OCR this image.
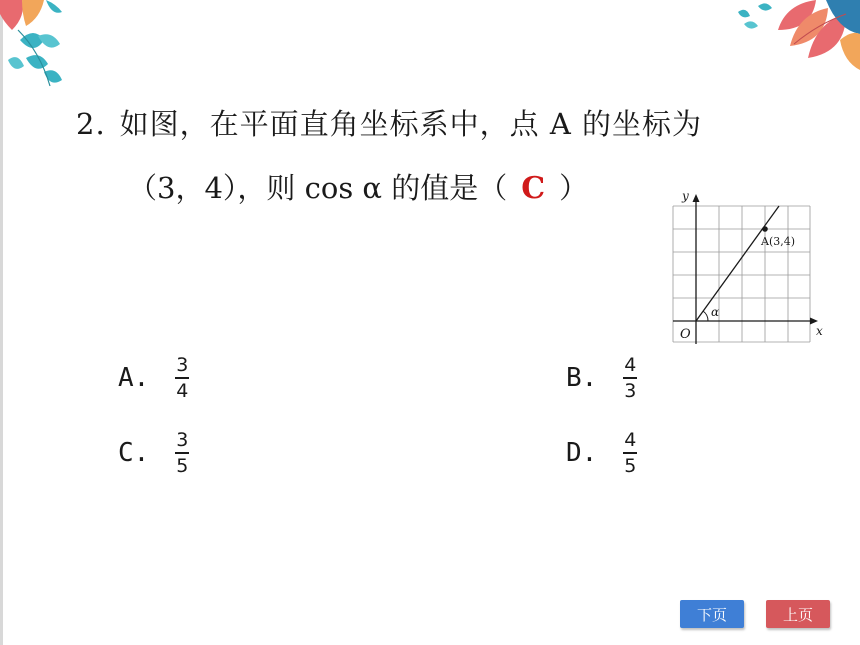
2. 如图，在平面直角坐标系中，点 A 的坐标为
（3，4），则 cos α 的值是（ C ）	y
x
O
A(3,4)
α
A. $\frac{3}{4}$	B. $\frac{4}{3}$
C. $\frac{3}{5}$	D. $\frac{4}{5}$
下页	上页
